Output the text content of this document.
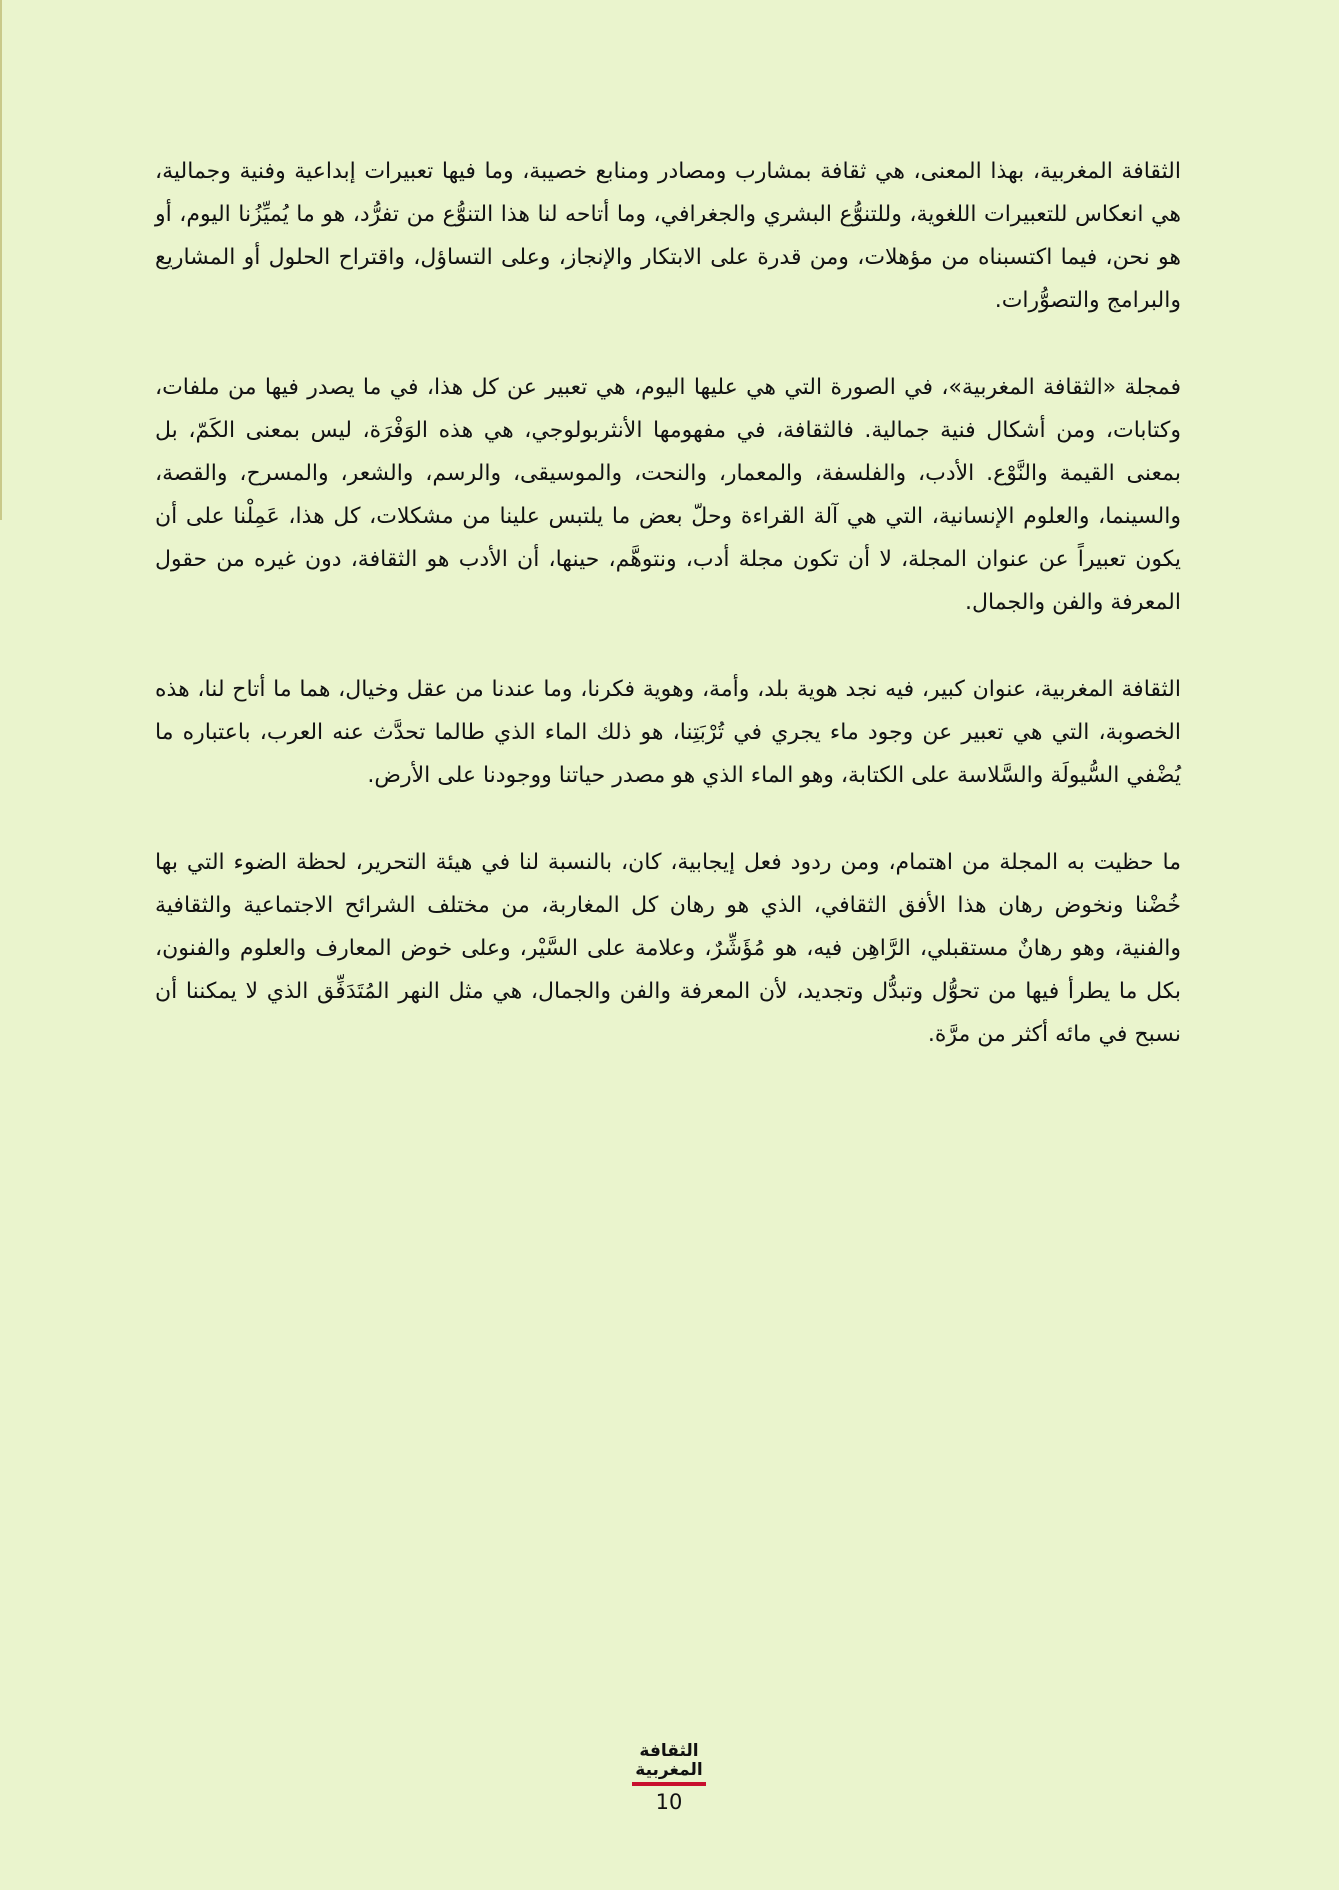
الثقافة المغربية، بهذا المعنى، هي ثقافة بمشارب ومصادر ومنابع خصيبة، وما فيها تعبيرات إبداعية وفنية وجمالية، هي انعكاس للتعبيرات اللغوية، وللتنوُّع البشري والجغرافي، وما أتاحه لنا هذا التنوُّع من تفرُّد، هو ما يُميِّزُنا اليوم، أو هو نحن، فيما اكتسبناه من مؤهلات، ومن قدرة على الابتكار والإنجاز، وعلى التساؤل، واقتراح الحلول أو المشاريع والبرامج والتصوُّرات.

فمجلة «الثقافة المغربية»، في الصورة التي هي عليها اليوم، هي تعبير عن كل هذا، في ما يصدر فيها من ملفات، وكتابات، ومن أشكال فنية جمالية. فالثقافة، في مفهومها الأنثربولوجي، هي هذه الوَفْرَة، ليس بمعنى الكَمّ، بل بمعنى القيمة والنَّوْع. الأدب، والفلسفة، والمعمار، والنحت، والموسيقى، والرسم، والشعر، والمسرح، والقصة، والسينما، والعلوم الإنسانية، التي هي آلة القراءة وحلّ بعض ما يلتبس علينا من مشكلات، كل هذا، عَمِلْنا على أن يكون تعبيراً عن عنوان المجلة، لا أن تكون مجلة أدب، ونتوهَّم، حينها، أن الأدب هو الثقافة، دون غيره من حقول المعرفة والفن والجمال.

الثقافة المغربية، عنوان كبير، فيه نجد هوية بلد، وأمة، وهوية فكرنا، وما عندنا من عقل وخيال، هما ما أتاح لنا، هذه الخصوبة، التي هي تعبير عن وجود ماء يجري في تُرْبَتِنا، هو ذلك الماء الذي طالما تحدَّث عنه العرب، باعتباره ما يُضْفي السُّيولَة والسَّلاسة على الكتابة، وهو الماء الذي هو مصدر حياتنا ووجودنا على الأرض.

ما حظيت به المجلة من اهتمام، ومن ردود فعل إيجابية، كان، بالنسبة لنا في هيئة التحرير، لحظة الضوء التي بها خُضْنا ونخوض رهان هذا الأفق الثقافي، الذي هو رهان كل المغاربة، من مختلف الشرائح الاجتماعية والثقافية والفنية، وهو رهانٌ مستقبلي، الرَّاهِن فيه، هو مُؤَشِّرٌ، وعلامة على السَّيْر، وعلى خوض المعارف والعلوم والفنون، بكل ما يطرأ فيها من تحوُّل وتبدُّل وتجديد، لأن المعرفة والفن والجمال، هي مثل النهر المُتَدَفِّق الذي لا يمكننا أن نسبح في مائه أكثر من مرَّة.

الثقافة
المغربية
10
